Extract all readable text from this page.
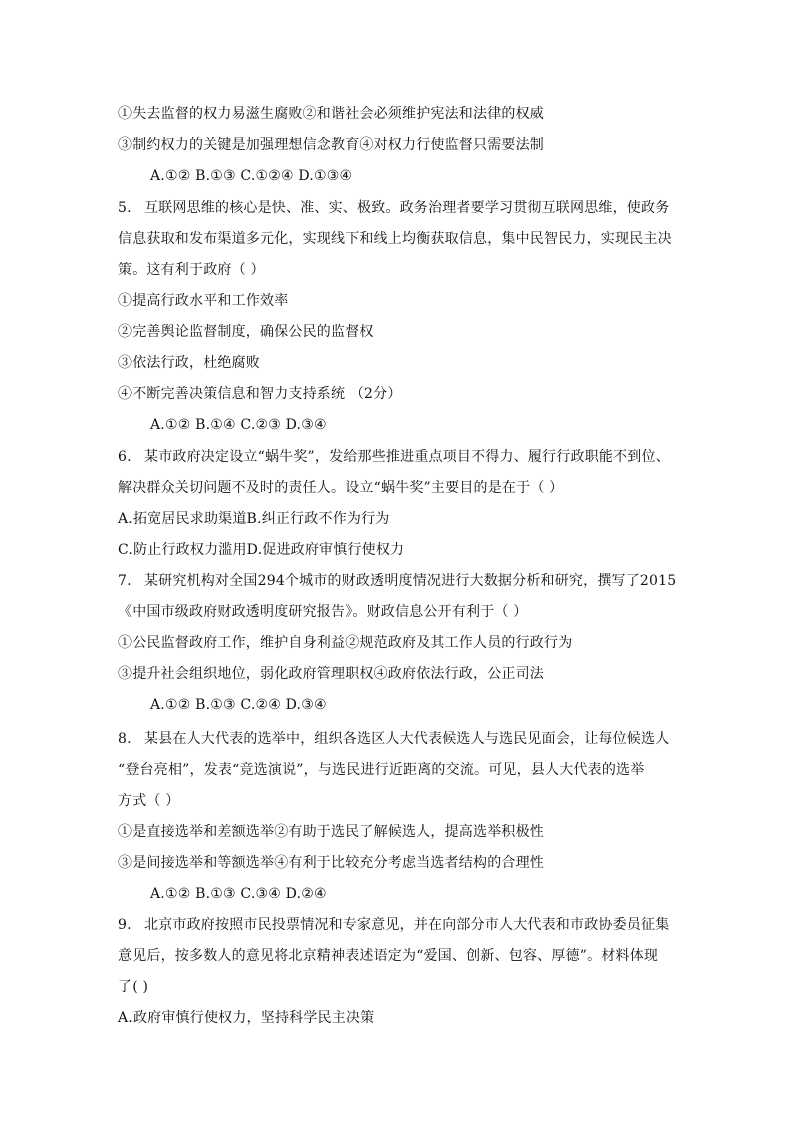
①失去监督的权力易滋生腐败②和谐社会必须维护宪法和法律的权威
③制约权力的关键是加强理想信念教育④对权力行使监督只需要法制
A.①② B.①③ C.①②④ D.①③④
5. 互联网思维的核心是快、准、实、极致。政务治理者要学习贯彻互联网思维，使政务
信息获取和发布渠道多元化，实现线下和线上均衡获取信息，集中民智民力，实现民主决
策。这有利于政府（ ）
①提高行政水平和工作效率
②完善舆论监督制度，确保公民的监督权
③依法行政，杜绝腐败
④不断完善决策信息和智力支持系统 （2分）
A.①② B.①④ C.②③ D.③④
6. 某市政府决定设立“蜗牛奖”，发给那些推进重点项目不得力、履行行政职能不到位、
解决群众关切问题不及时的责任人。设立“蜗牛奖”主要目的是在于（ ）
A.拓宽居民求助渠道B.纠正行政不作为行为
C.防止行政权力滥用D.促进政府审慎行使权力
7. 某研究机构对全国294个城市的财政透明度情况进行大数据分析和研究，撰写了2015
《中国市级政府财政透明度研究报告》。财政信息公开有利于（ ）
①公民监督政府工作，维护自身利益②规范政府及其工作人员的行政行为
③提升社会组织地位，弱化政府管理职权④政府依法行政，公正司法
A.①② B.①③ C.②④ D.③④
8. 某县在人大代表的选举中，组织各选区人大代表候选人与选民见面会，让每位候选人
“登台亮相”，发表“竞选演说”，与选民进行近距离的交流。可见，县人大代表的选举
方式（ ）
①是直接选举和差额选举②有助于选民了解候选人，提高选举积极性
③是间接选举和等额选举④有利于比较充分考虑当选者结构的合理性
A.①② B.①③ C.③④ D.②④
9. 北京市政府按照市民投票情况和专家意见，并在向部分市人大代表和市政协委员征集
意见后，按多数人的意见将北京精神表述语定为“爱国、创新、包容、厚德”。材料体现
了( )
A.政府审慎行使权力，坚持科学民主决策
